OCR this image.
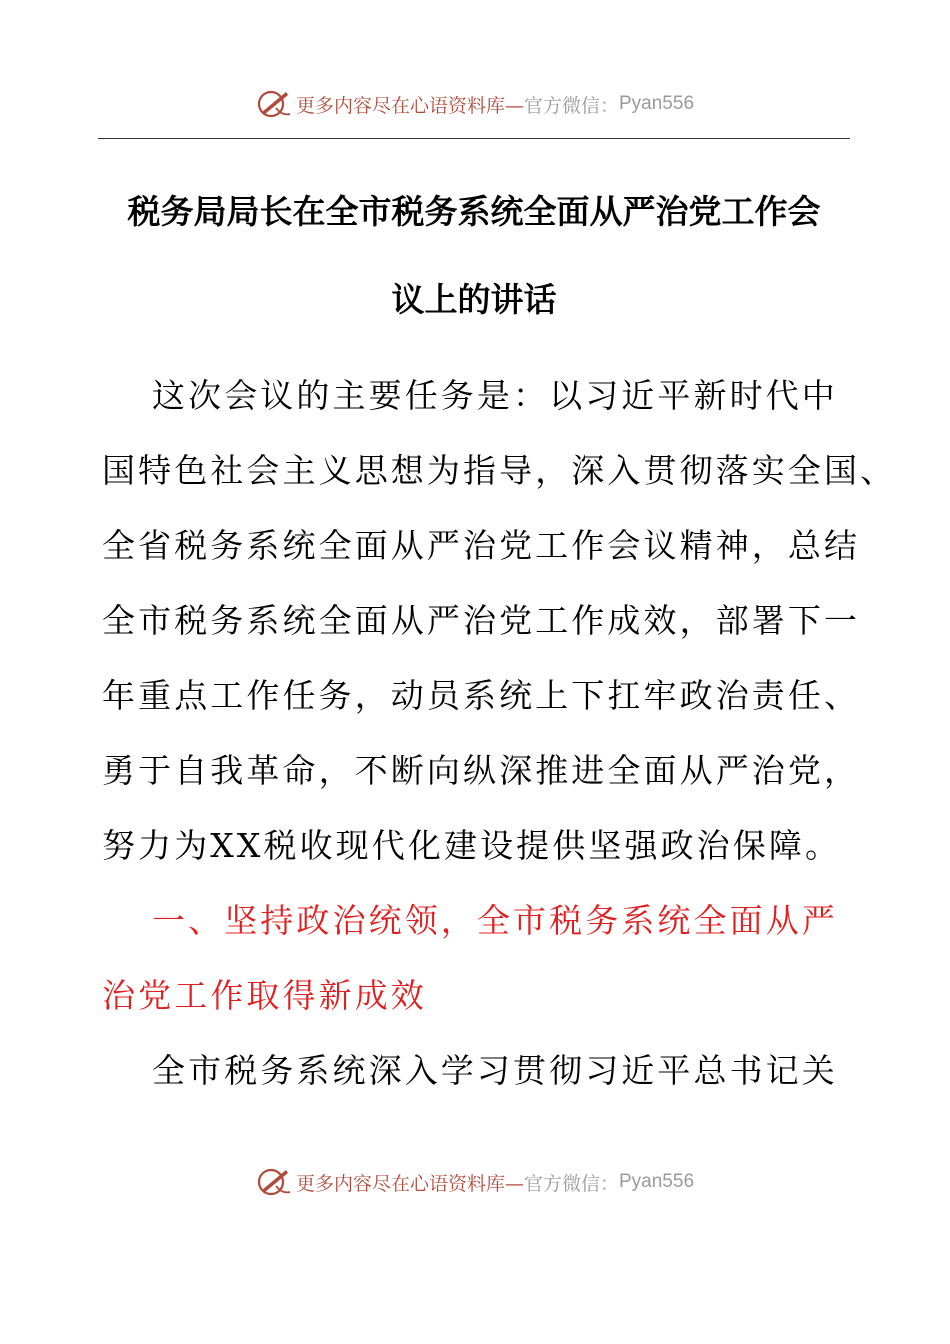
更多内容尽在心语资料库— 官方微信： Pyan556
税务局局长在全市税务系统全面从严治党工作会
议上的讲话
这次会议的主要任务是：以习近平新时代中
国特色社会主义思想为指导，深入贯彻落实全国、
全省税务系统全面从严治党工作会议精神，总结
全市税务系统全面从严治党工作成效，部署下一
年重点工作任务，动员系统上下扛牢政治责任、
勇于自我革命，不断向纵深推进全面从严治党，
努力为XX税收现代化建设提供坚强政治保障。
一、坚持政治统领，全市税务系统全面从严
治党工作取得新成效
全市税务系统深入学习贯彻习近平总书记关
更多内容尽在心语资料库— 官方微信： Pyan556
